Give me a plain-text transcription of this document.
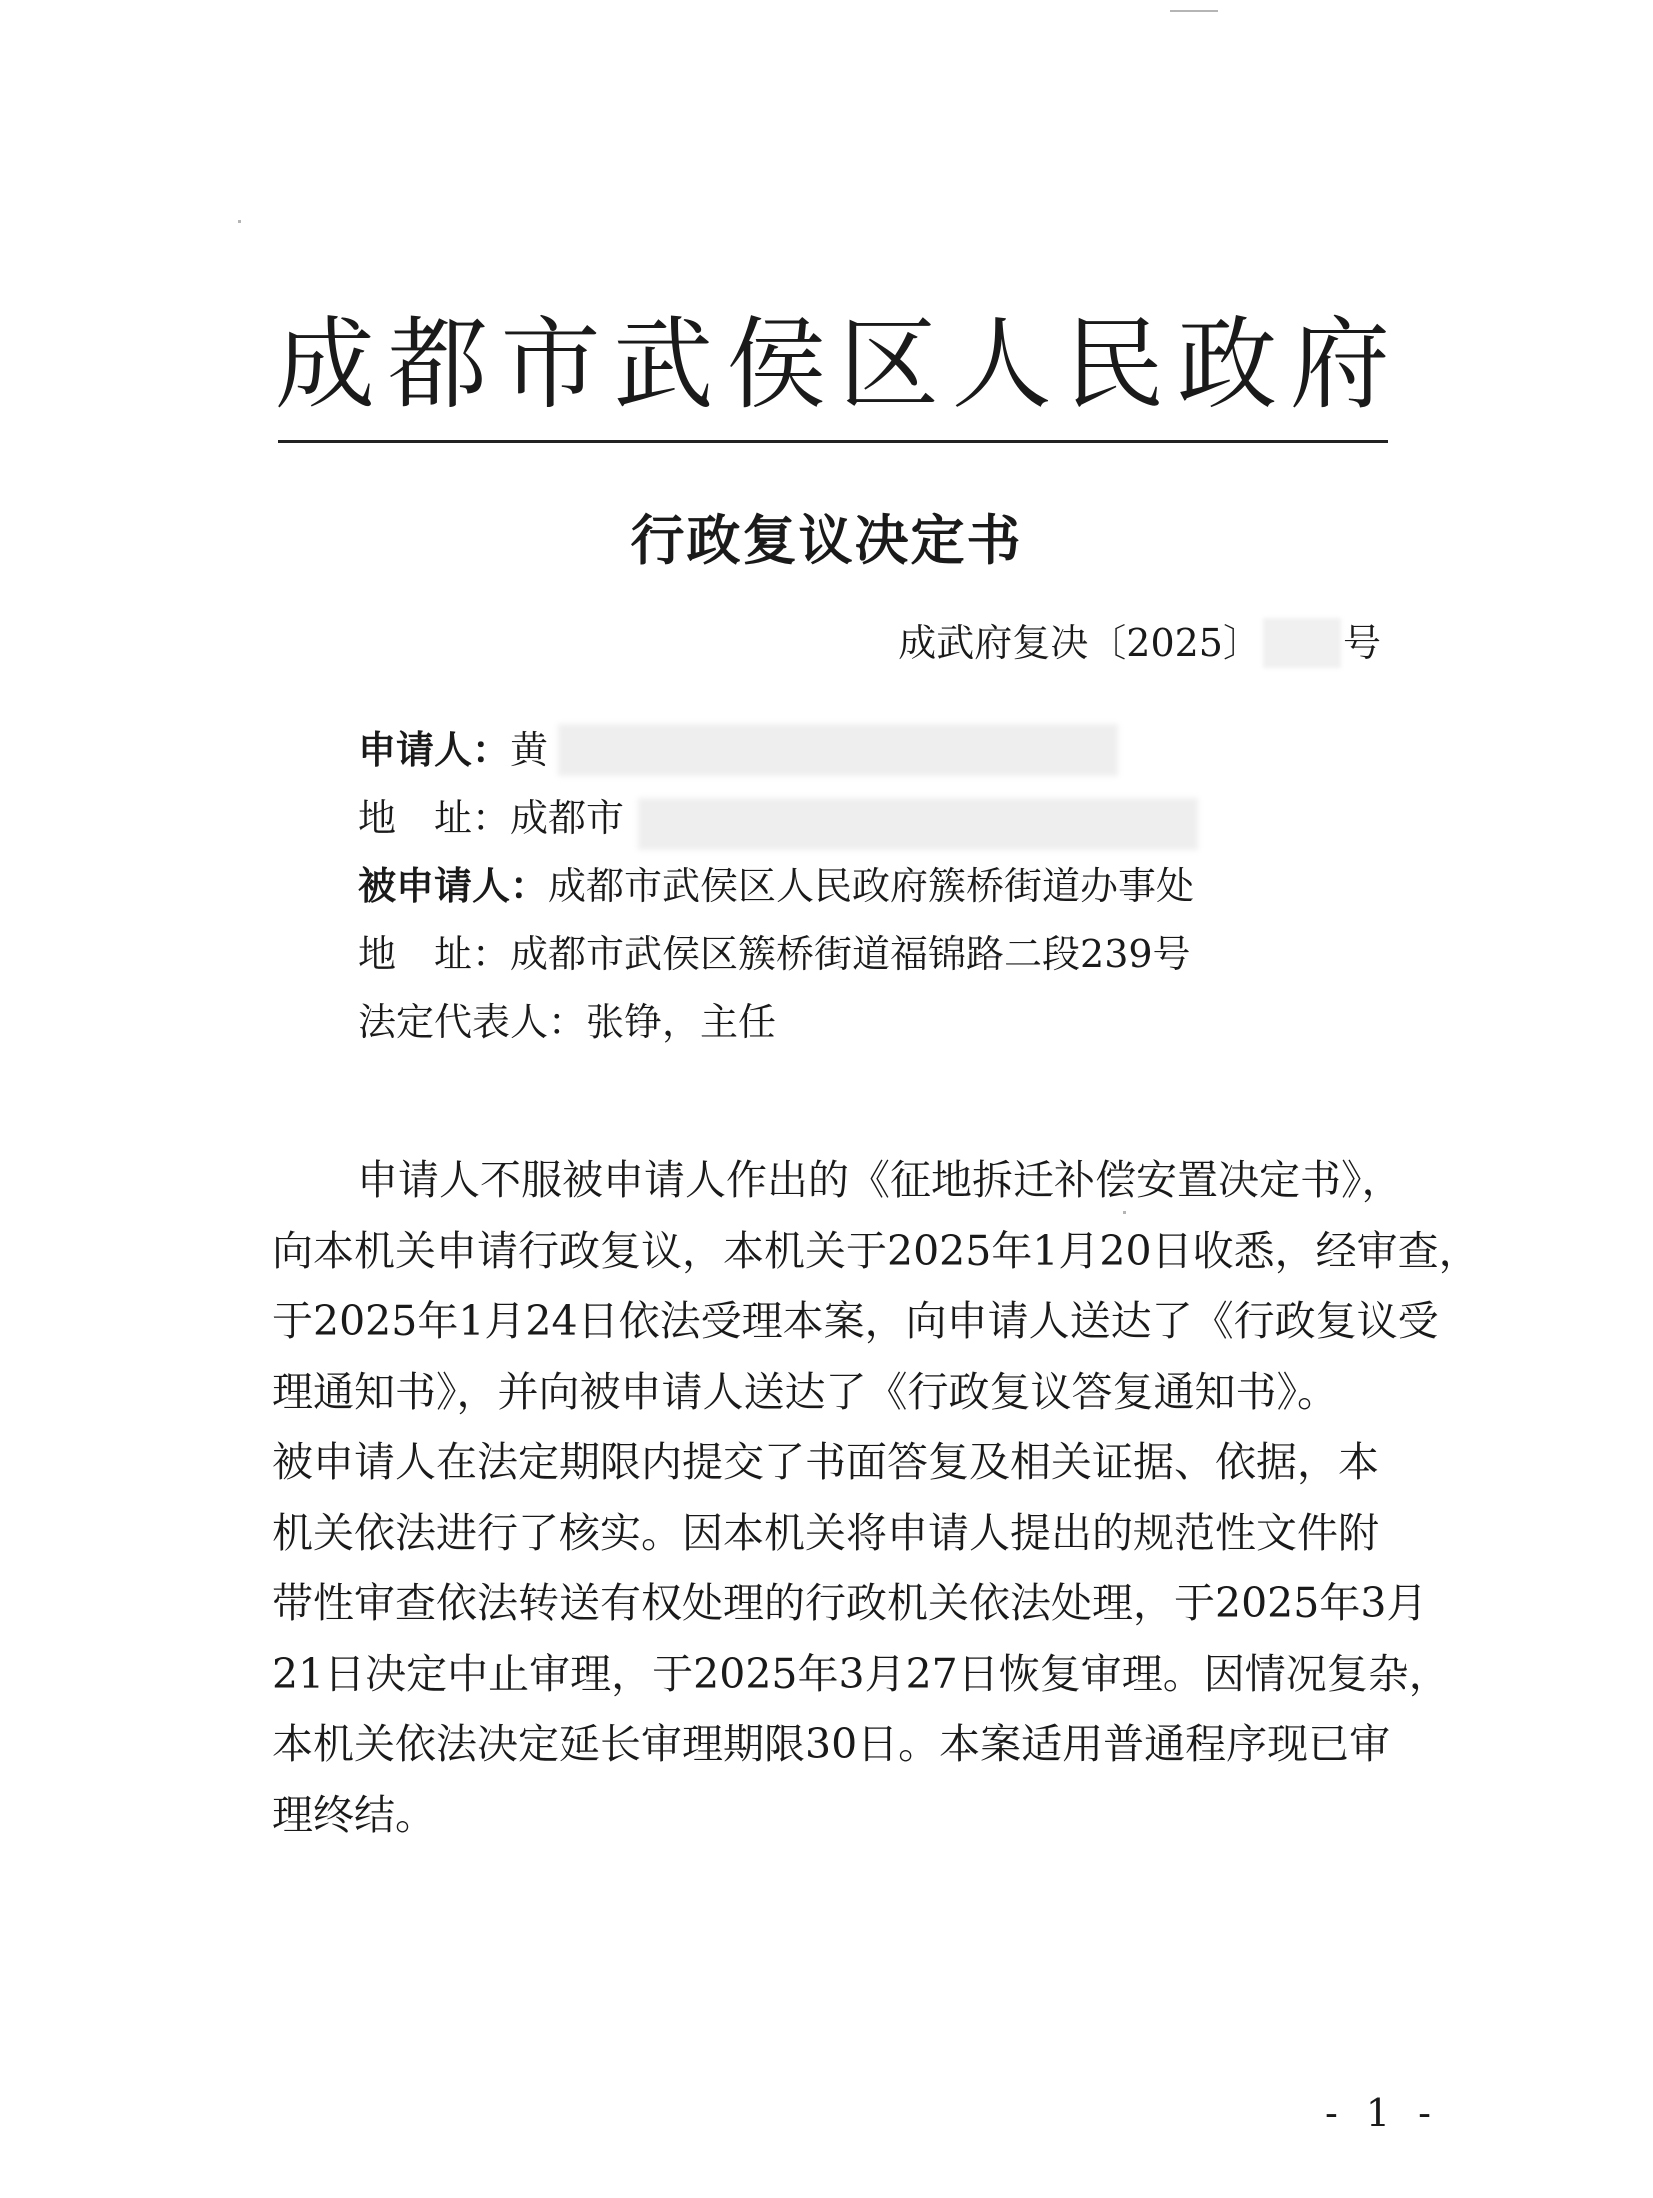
成 都 市 武 侯 区 人 民 政 府
行政复议决定书
成武府复决〔2025〕 号
申请人：黄
地　址：成都市
被申请人：成都市武侯区人民政府簇桥街道办事处
地　址：成都市武侯区簇桥街道福锦路二段239号
法定代表人：张铮，主任
申请人不服被申请人作出的《征地拆迁补偿安置决定书》，
向本机关申请行政复议，本机关于2025年1月20日收悉，经审查，
于2025年1月24日依法受理本案，向申请人送达了《行政复议受
理通知书》，并向被申请人送达了《行政复议答复通知书》。
被申请人在法定期限内提交了书面答复及相关证据、依据，本
机关依法进行了核实。因本机关将申请人提出的规范性文件附
带性审查依法转送有权处理的行政机关依法处理，于2025年3月
21日决定中止审理，于2025年3月27日恢复审理。因情况复杂，
本机关依法决定延长审理期限30日。本案适用普通程序现已审
理终结。
- 1 -
